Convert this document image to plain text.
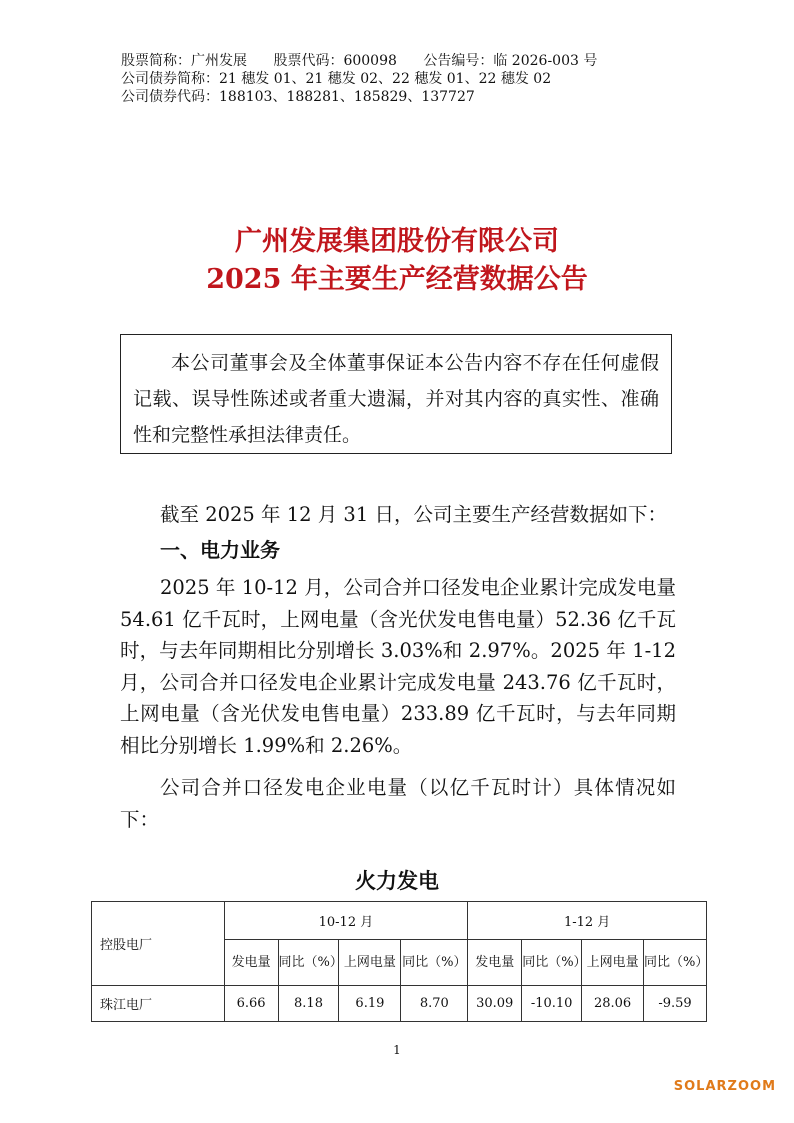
股票简称：广州发展 股票代码：600098 公告编号：临 2026-003 号
公司债券简称：21 穗发 01、21 穗发 02、22 穗发 01、22 穗发 02
公司债券代码：188103、188281、185829、137727
广州发展集团股份有限公司
2025 年主要生产经营数据公告
本公司董事会及全体董事保证本公告内容不存在任何虚假记载、误导性陈述或者重大遗漏，并对其内容的真实性、准确性和完整性承担法律责任。
截至 2025 年 12 月 31 日，公司主要生产经营数据如下：
一、电力业务
2025 年 10-12 月，公司合并口径发电企业累计完成发电量 54.61 亿千瓦时，上网电量（含光伏发电售电量）52.36 亿千瓦时，与去年同期相比分别增长 3.03%和 2.97%。2025 年 1-12 月，公司合并口径发电企业累计完成发电量 243.76 亿千瓦时，上网电量（含光伏发电售电量）233.89 亿千瓦时，与去年同期相比分别增长 1.99%和 2.26%。
公司合并口径发电企业电量（以亿千瓦时计）具体情况如下：
火力发电
控股电厂	10-12 月				1-12 月			
	发电量	同比（%）	上网电量	同比（%）	发电量	同比（%）	上网电量	同比（%）
珠江电厂	6.66	8.18	6.19	8.70	30.09	-10.10	28.06	-9.59
1
SOLARZOOM
